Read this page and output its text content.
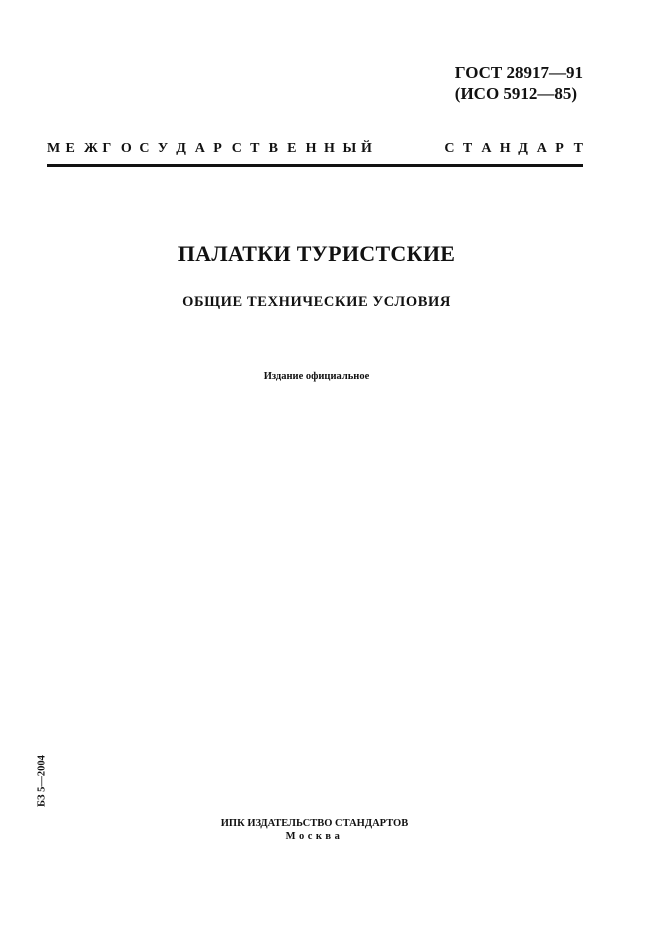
ГОСТ 28917—91
(ИСО 5912—85)
М Е Ж Г О С У Д А Р С Т В Е Н Н Ы Й	С Т А Н Д А Р Т
ПАЛАТКИ ТУРИСТСКИЕ
ОБЩИЕ ТЕХНИЧЕСКИЕ УСЛОВИЯ
Издание официальное
БЗ 5—2004
ИПК ИЗДАТЕЛЬСТВО СТАНДАРТОВ
Москва
